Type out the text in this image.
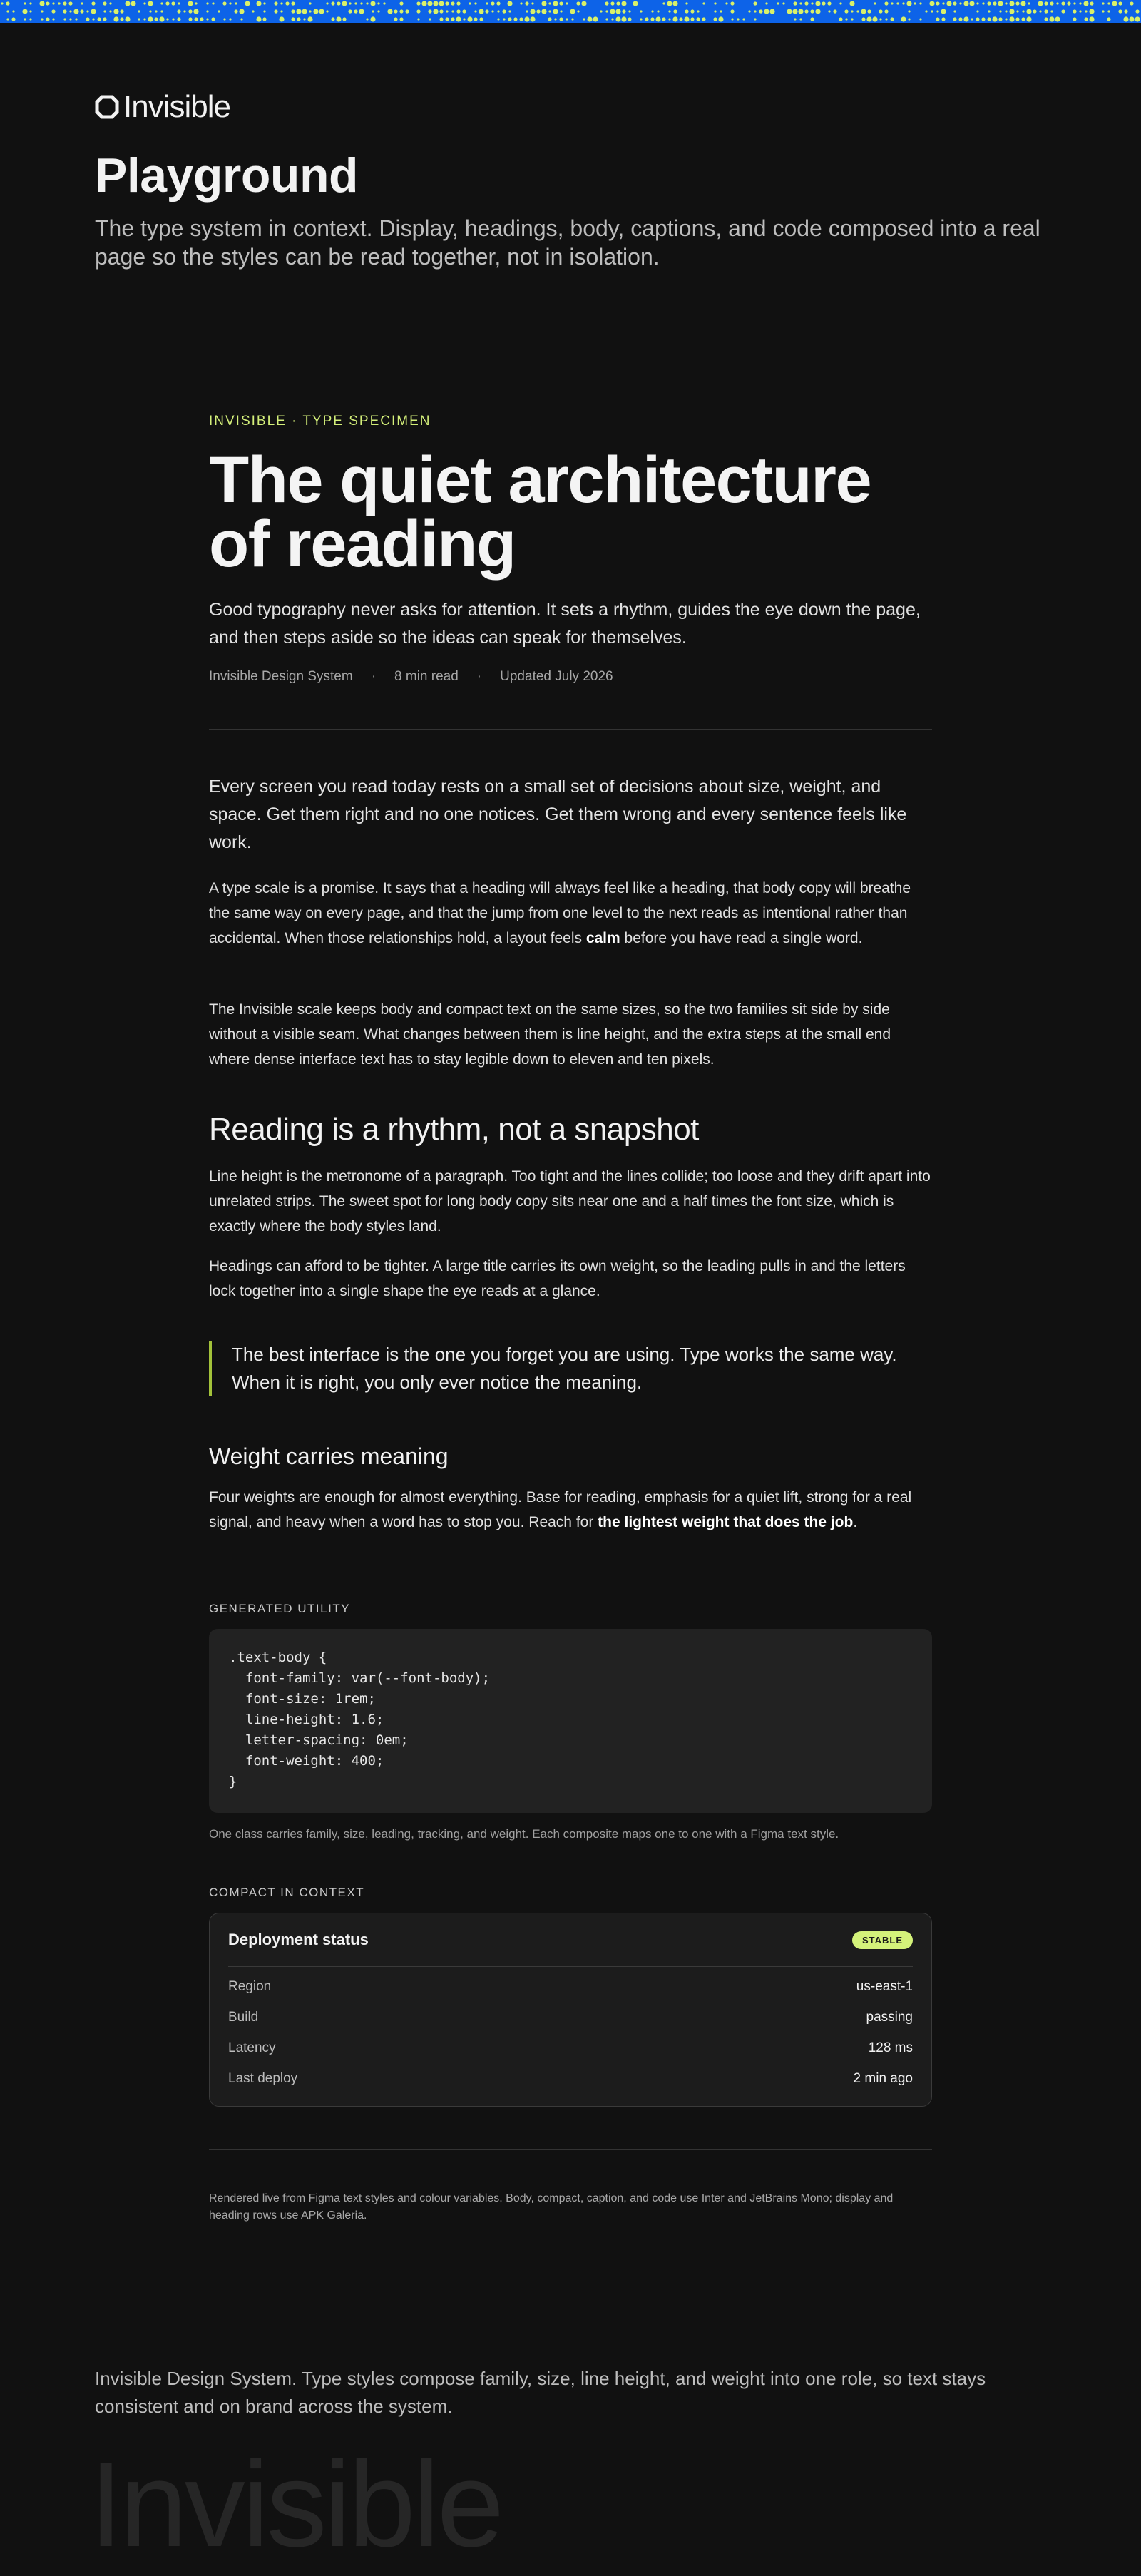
Invisible
Playground

The type system in context. Display, headings, body, captions, and code composed into a real page so the styles can be read together, not in isolation.

INVISIBLE · TYPE SPECIMEN

The quiet architecture of reading

Good typography never asks for attention. It sets a rhythm, guides the eye down the page, and then steps aside so the ideas can speak for themselves.

Invisible Design System · 8 min read · Updated July 2026

Every screen you read today rests on a small set of decisions about size, weight, and space. Get them right and no one notices. Get them wrong and every sentence feels like work.

A type scale is a promise. It says that a heading will always feel like a heading, that body copy will breathe the same way on every page, and that the jump from one level to the next reads as intentional rather than accidental. When those relationships hold, a layout feels calm before you have read a single word.

The Invisible scale keeps body and compact text on the same sizes, so the two families sit side by side without a visible seam. What changes between them is line height, and the extra steps at the small end where dense interface text has to stay legible down to eleven and ten pixels.

Reading is a rhythm, not a snapshot

Line height is the metronome of a paragraph. Too tight and the lines collide; too loose and they drift apart into unrelated strips. The sweet spot for long body copy sits near one and a half times the font size, which is exactly where the body styles land.

Headings can afford to be tighter. A large title carries its own weight, so the leading pulls in and the letters lock together into a single shape the eye reads at a glance.

The best interface is the one you forget you are using. Type works the same way. When it is right, you only ever notice the meaning.
Weight carries meaning

Four weights are enough for almost everything. Base for reading, emphasis for a quiet lift, strong for a real signal, and heavy when a word has to stop you. Reach for the lightest weight that does the job.

GENERATED UTILITY

.text-body {
font-family: var(--font-body);
font-size: 1rem;
line-height: 1.6;
letter-spacing: 0em;
font-weight: 400;
}

One class carries family, size, leading, tracking, and weight. Each composite maps one to one with a Figma text style.

COMPACT IN CONTEXT

Deployment status	STABLE
Region	us-east-1
Build	passing
Latency	128 ms
Last deploy	2 min ago

Rendered live from Figma text styles and colour variables. Body, compact, caption, and code use Inter and JetBrains Mono; display and heading rows use APK Galeria.

Invisible Design System. Type styles compose family, size, line height, and weight into one role, so text stays consistent and on brand across the system.

Invisible
